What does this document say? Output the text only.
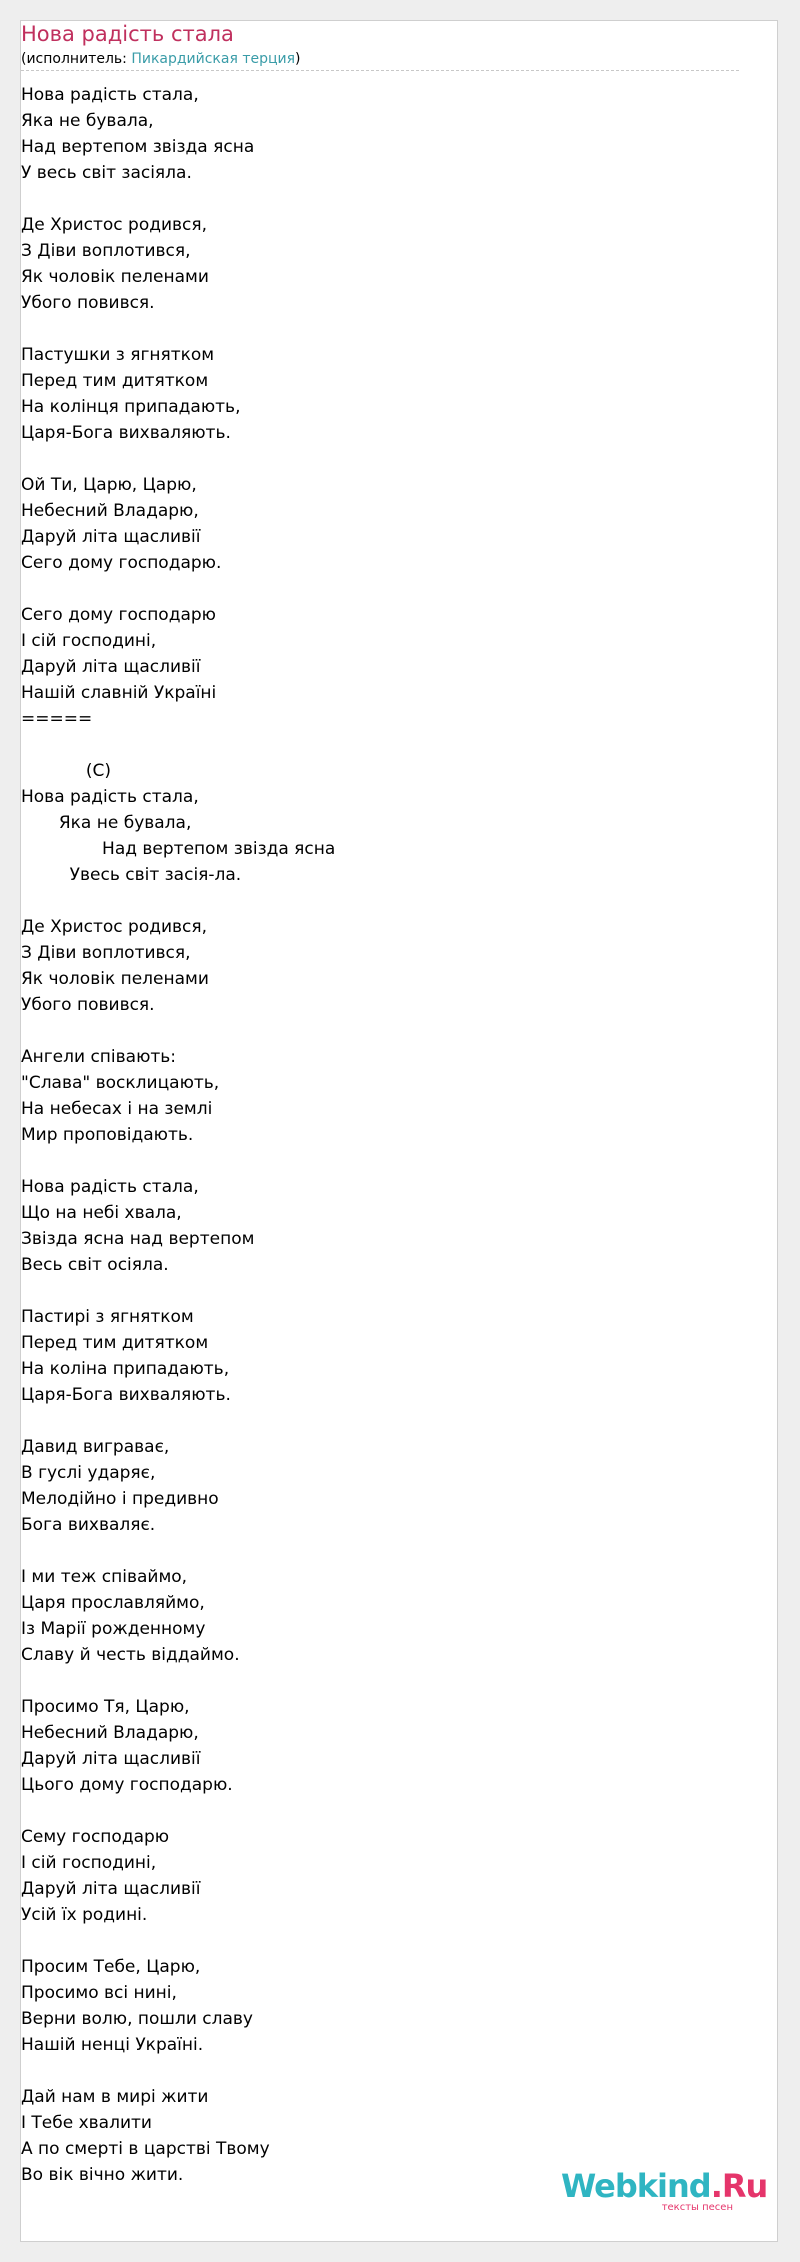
Нова радість стала
(исполнитель: Пикардийская терция)
Нова радість стала,
Яка не бувала,
Над вертепом звізда ясна
У весь світ засіяла.

Де Христос родився,
З Діви воплотився,
Як чоловік пеленами
Убого повився.

Пастушки з ягнятком
Перед тим дитятком
На колінця припадають,
Царя-Бога вихваляють.

Ой Ти, Царю, Царю,
Небесний Владарю,
Даруй літа щасливії
Сего дому господарю.

Сего дому господарю
І сій господині,
Даруй літа щасливії
Нашій славній Україні
=====

(С)
Нова радість стала,
Яка не бувала,
Над вертепом звізда ясна
Увесь світ засія-ла.

Де Христос родився,
З Діви воплотився,
Як чоловік пеленами
Убого повився.

Ангели співають:
"Слава" восклицають,
На небесах і на землі
Мир проповідають.

Нова радість стала,
Що на небі хвала,
Звізда ясна над вертепом
Весь світ осіяла.

Пастирі з ягнятком
Перед тим дитятком
На коліна припадають,
Царя-Бога вихваляють.

Давид виграває,
В гуслі ударяє,
Мелодійно і предивно
Бога вихваляє.

І ми теж співаймо,
Царя прославляймо,
Із Марії рожденному
Славу й честь віддаймо.

Просимо Тя, Царю,
Небесний Владарю,
Даруй літа щасливії
Цього дому господарю.

Сему господарю
І сій господині,
Даруй літа щасливії
Усій їх родині.

Просим Тебе, Царю,
Просимо всі нині,
Верни волю, пошли славу
Нашій ненці Україні.

Дай нам в мирі жити
І Тебе хвалити
А по смерті в царстві Твому
Во вік вічно жити.	Webkind.Ru
тексты песен
